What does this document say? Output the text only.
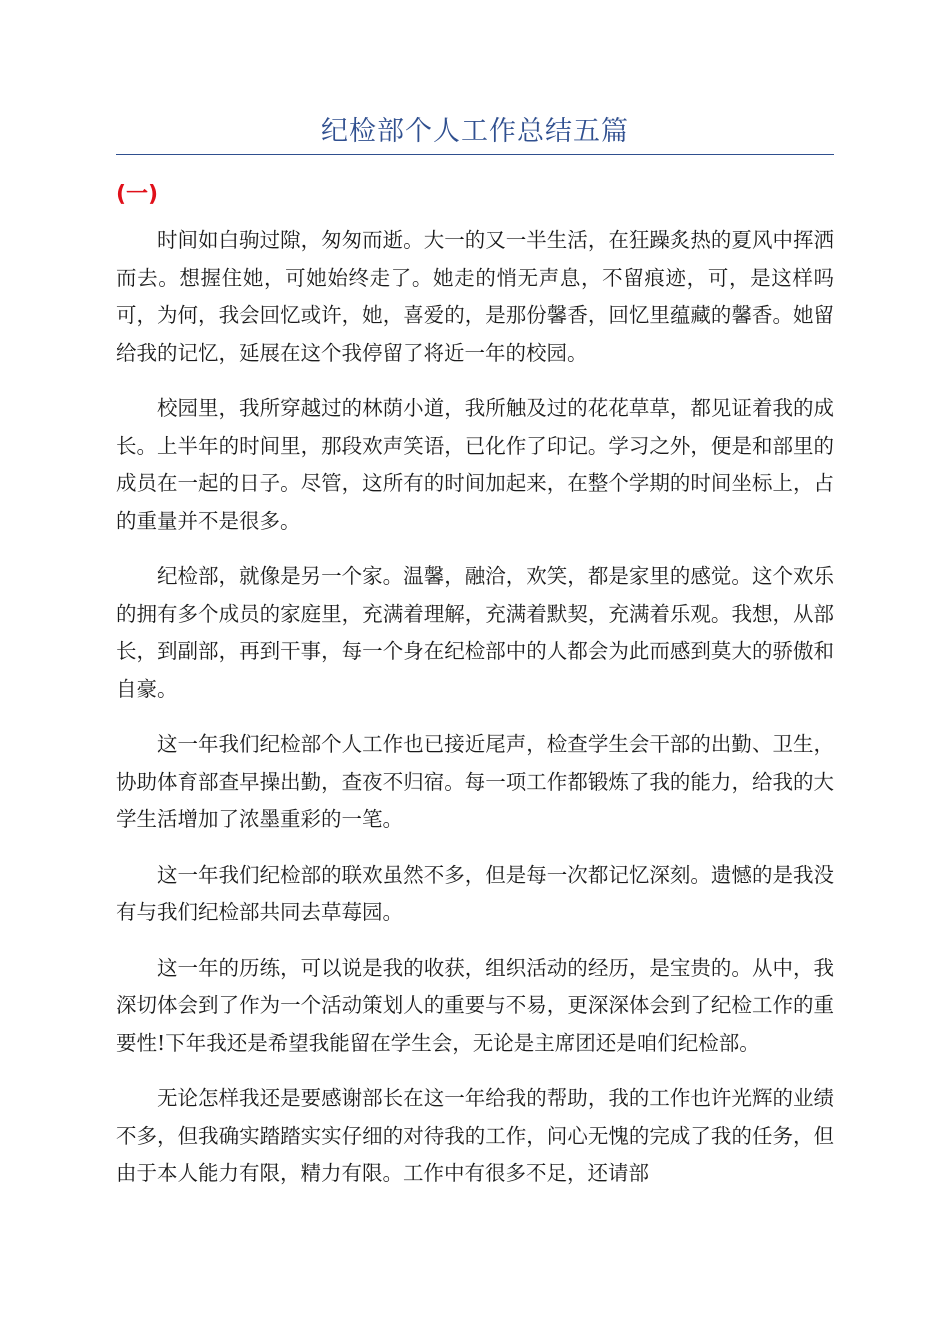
纪检部个人工作总结五篇
(一)

时间如白驹过隙，匆匆而逝。大一的又一半生活，在狂躁炙热的夏风中挥洒而去。想握住她，可她始终走了。她走的悄无声息，不留痕迹，可，是这样吗可，为何，我会回忆或许，她，喜爱的，是那份馨香，回忆里蕴藏的馨香。她留给我的记忆，延展在这个我停留了将近一年的校园。

校园里，我所穿越过的林荫小道，我所触及过的花花草草，都见证着我的成长。上半年的时间里，那段欢声笑语，已化作了印记。学习之外，便是和部里的成员在一起的日子。尽管，这所有的时间加起来，在整个学期的时间坐标上，占的重量并不是很多。

纪检部，就像是另一个家。温馨，融洽，欢笑，都是家里的感觉。这个欢乐的拥有多个成员的家庭里，充满着理解，充满着默契，充满着乐观。我想，从部长，到副部，再到干事，每一个身在纪检部中的人都会为此而感到莫大的骄傲和自豪。

这一年我们纪检部个人工作也已接近尾声，检查学生会干部的出勤、卫生，协助体育部查早操出勤，查夜不归宿。每一项工作都锻炼了我的能力，给我的大学生活增加了浓墨重彩的一笔。

这一年我们纪检部的联欢虽然不多，但是每一次都记忆深刻。遗憾的是我没有与我们纪检部共同去草莓园。

这一年的历练，可以说是我的收获，组织活动的经历，是宝贵的。从中，我深切体会到了作为一个活动策划人的重要与不易，更深深体会到了纪检工作的重要性!下年我还是希望我能留在学生会，无论是主席团还是咱们纪检部。

无论怎样我还是要感谢部长在这一年给我的帮助，我的工作也许光辉的业绩不多，但我确实踏踏实实仔细的对待我的工作，问心无愧的完成了我的任务，但由于本人能力有限，精力有限。工作中有很多不足，还请部
